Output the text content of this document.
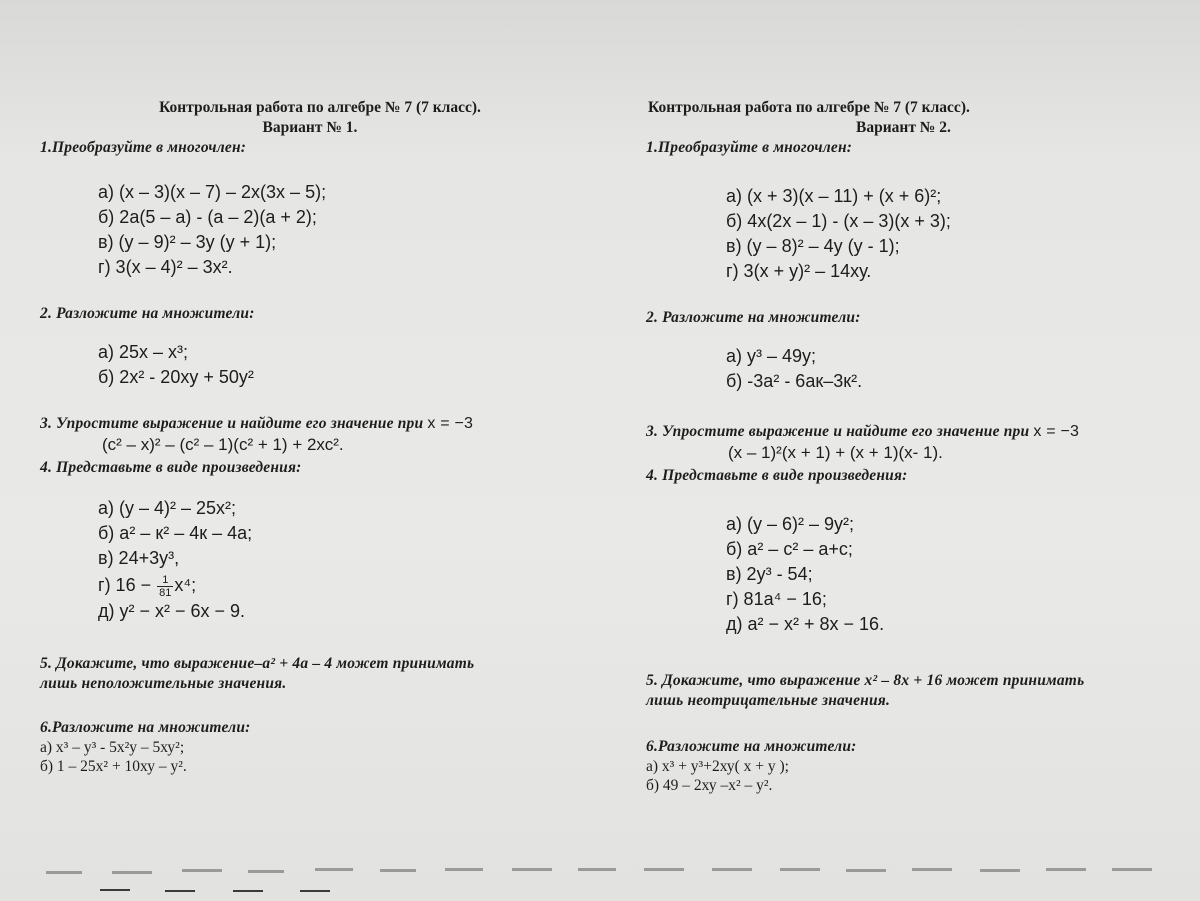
Контрольная работа по алгебре № 7 (7 класс).
Вариант № 1.
1.Преобразуйте в многочлен:
а) (х – 3)(х – 7) – 2х(3х – 5);
б) 2а(5 – а) - (а – 2)(а + 2);
в) (у – 9)² – 3у (у + 1);
г) 3(х – 4)² – 3х².
2. Разложите на множители:
а) 25х – х³;
б) 2x² - 20xy + 50y²
3. Упростите выражение и найдите его значение при x = −3
(с² – х)² – (с² – 1)(с² + 1) + 2хс².
4. Представьте в виде произведения:
а) (у – 4)² – 25х²;
б) а² – к² – 4к – 4а;
в) 24+3у³,
г) $16 - \frac{1}{81} x^4$;
д) y² − x² − 6x − 9.
5. Докажите, что выражение–a² + 4a – 4 может принимать
лишь неположительные значения.
6.Разложите на множители:
а) х³ – у³ - 5х²у – 5ху²;
б) 1 – 25х² + 10ху – у².
Контрольная работа по алгебре № 7 (7 класс).
Вариант № 2.
1.Преобразуйте в многочлен:
а) (х + 3)(х – 11) + (х + 6)²;
б) 4х(2х – 1) - (х – 3)(х + 3);
в) (у – 8)² – 4у (у - 1);
г) 3(х + у)² – 14ху.
2. Разложите на множители:
а) у³ – 49у;
б) -3а² - 6ак–3к².
3. Упростите выражение и найдите его значение при x = −3
(х – 1)²(х + 1) + (х + 1)(х- 1).
4. Представьте в виде произведения:
а) (у – 6)² – 9у²;
б) а² – с² – а+с;
в) 2у³ - 54;
г) 81a⁴ − 16;
д) a² − x² + 8x − 16.
5. Докажите, что выражение x² – 8x + 16 может принимать
лишь неотрицательные значения.
6.Разложите на множители:
а) х³ + у³+2ху( х + у );
б) 49 – 2ху –х² – у².
